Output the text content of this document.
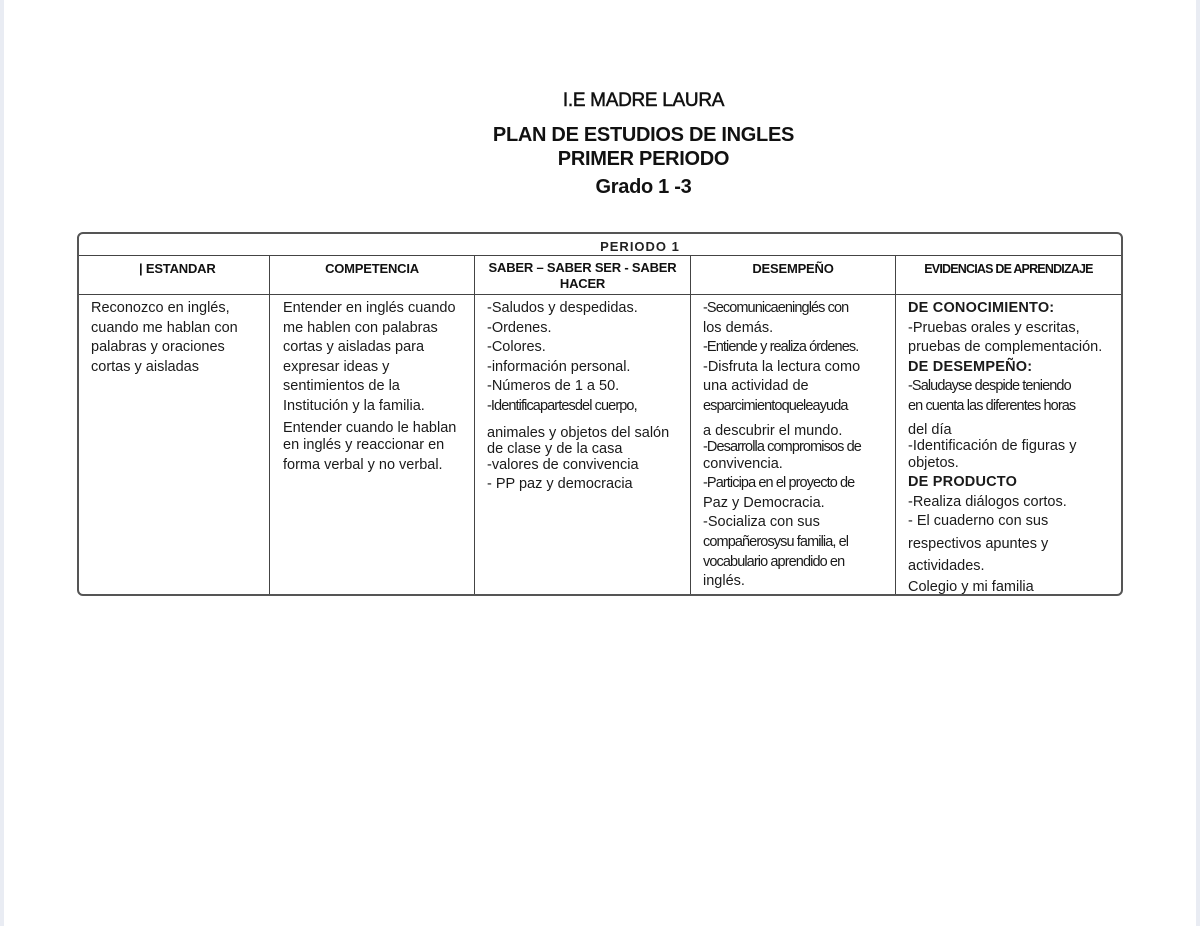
I.E MADRE LAURA
PLAN DE ESTUDIOS DE INGLES
PRIMER PERIODO
Grado 1 -3
PERIODO 1
| ESTANDAR
Reconozco en inglés,
cuando me hablan con
palabras y oraciones
cortas y aisladas
COMPETENCIA
Entender en inglés cuando
me hablen con palabras
cortas y aisladas para
expresar ideas y
sentimientos de la
Institución y la familia.
Entender cuando le hablan
en inglés y reaccionar en
forma verbal y no verbal.
SABER – SABER SER - SABER HACER
-Saludos y despedidas.
-Ordenes.
-Colores.
-información personal.
-Números de 1 a 50.
-Identificapartesdel cuerpo,
animales y objetos del salón
de clase y de la casa
-valores de convivencia
- PP paz y democracia
DESEMPEÑO
-Secomunicaeninglés con
los demás.
-Entiende y realiza órdenes.
-Disfruta la lectura como
una actividad de
esparcimientoqueleayuda
a descubrir el mundo.
-Desarrolla compromisos de
convivencia.
-Participa en el proyecto de
Paz y Democracia.
-Socializa con sus
compañerosysu familia, el
vocabulario aprendido en
inglés.
EVIDENCIAS DE APRENDIZAJE
DE CONOCIMIENTO:
-Pruebas orales y escritas,
pruebas de complementación.
DE DESEMPEÑO:
-Saludayse despide teniendo
en cuenta las diferentes horas
del día
-Identificación de figuras y
objetos.
DE PRODUCTO
-Realiza diálogos cortos.
- El cuaderno con sus
respectivos apuntes y
actividades.
Colegio y mi familia
